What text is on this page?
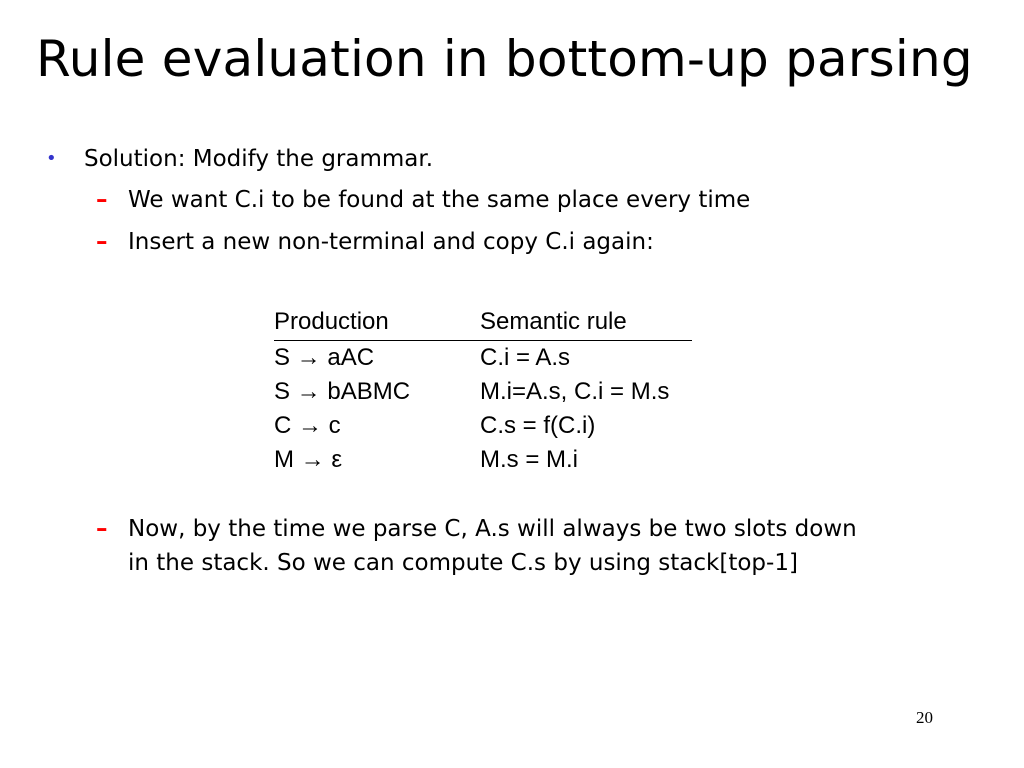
Rule evaluation in bottom-up parsing
• Solution: Modify the grammar.
– We want C.i to be found at the same place every time
– Insert a new non-terminal and copy C.i again:
Production	Semantic rule
S → aAC	C.i = A.s
S → bABMC	M.i=A.s, C.i = M.s
C → c	C.s = f(C.i)
M → ε	M.s = M.i
– Now, by the time we parse C, A.s will always be two slots down
in the stack. So we can compute C.s by using stack[top-1]
20
